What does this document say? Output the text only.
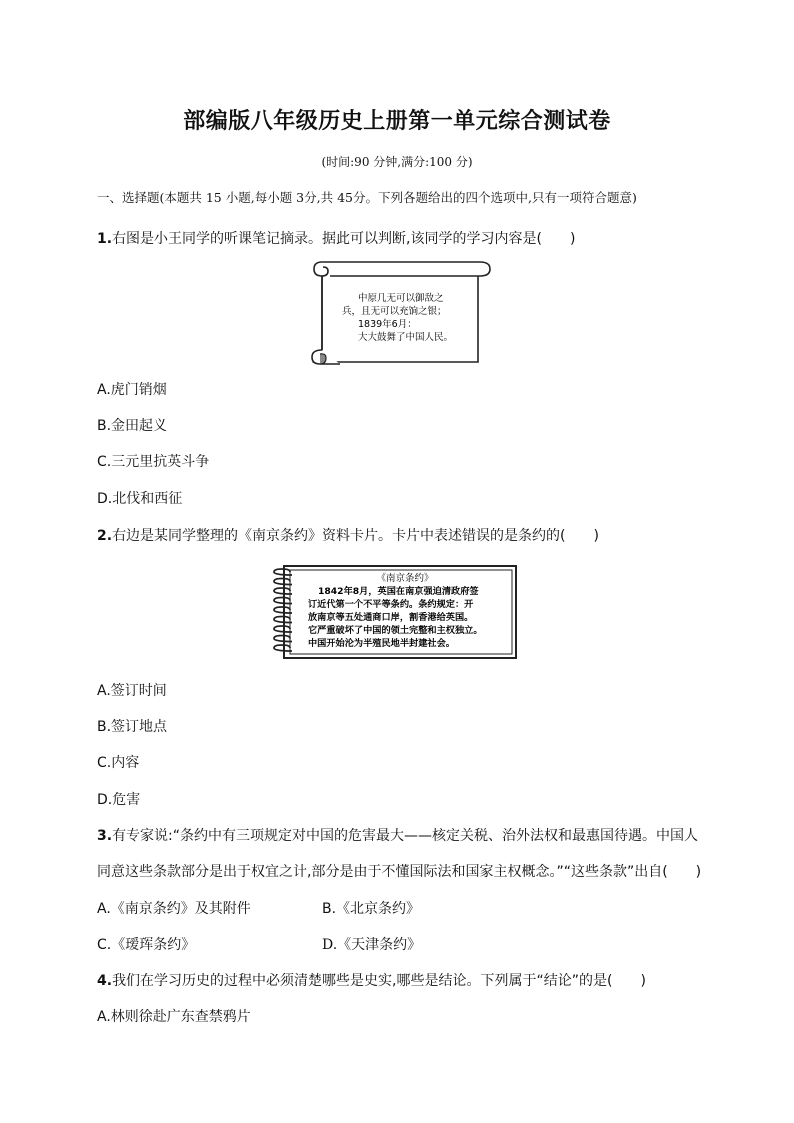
部编版八年级历史上册第一单元综合测试卷
(时间:90 分钟,满分:100 分)
一、选择题(本题共 15 小题,每小题 3分,共 45分。下列各题给出的四个选项中,只有一项符合题意)
1.右图是小王同学的听课笔记摘录。据此可以判断,该同学的学习内容是(　　)
中原几无可以御敌之
兵，且无可以充饷之银；
1839年6月：
大大鼓舞了中国人民。
A.虎门销烟
B.金田起义
C.三元里抗英斗争
D.北伐和西征
2.右边是某同学整理的《南京条约》资料卡片。卡片中表述错误的是条约的(　　)
《南京条约》
1842年8月，英国在南京强迫清政府签
订近代第一个不平等条约。条约规定：开
放南京等五处通商口岸，割香港给英国。
它严重破坏了中国的领土完整和主权独立。
中国开始沦为半殖民地半封建社会。
A.签订时间
B.签订地点
C.内容
D.危害
3.有专家说:“条约中有三项规定对中国的危害最大——核定关税、治外法权和最惠国待遇。中国人
同意这些条款部分是出于权宜之计,部分是由于不懂国际法和国家主权概念。”“这些条款”出自(　　)
A.《南京条约》及其附件	B.《北京条约》
C.《瑷珲条约》	D.《天津条约》
4.我们在学习历史的过程中必须清楚哪些是史实,哪些是结论。下列属于“结论”的是(　　)
A.林则徐赴广东查禁鸦片
